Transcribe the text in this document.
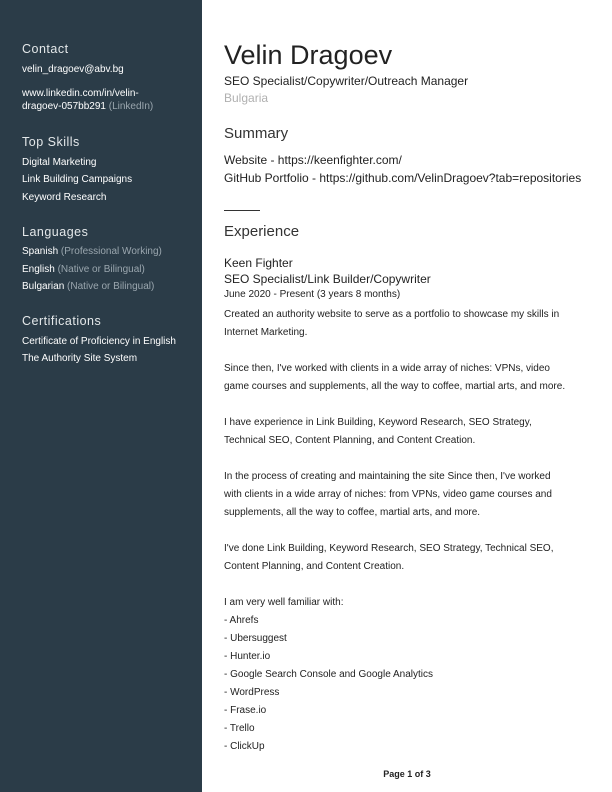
Contact
velin_dragoev@abv.bg
www.linkedin.com/in/velin-
dragoev-057bb291 (LinkedIn)
Top Skills
Digital Marketing
Link Building Campaigns
Keyword Research
Languages
Spanish (Professional Working)
English (Native or Bilingual)
Bulgarian (Native or Bilingual)
Certifications
Certificate of Proficiency in English
The Authority Site System
Velin Dragoev
SEO Specialist/Copywriter/Outreach Manager
Bulgaria
Summary
Website - https://keenfighter.com/
GitHub Portfolio - https://github.com/VelinDragoev?tab=repositories
Experience
Keen Fighter
SEO Specialist/Link Builder/Copywriter
June 2020 - Present (3 years 8 months)
Created an authority website to serve as a portfolio to showcase my skills in
Internet Marketing.
Since then, I've worked with clients in a wide array of niches: VPNs, video
game courses and supplements, all the way to coffee, martial arts, and more.
I have experience in Link Building, Keyword Research, SEO Strategy,
Technical SEO, Content Planning, and Content Creation.
In the process of creating and maintaining the site Since then, I've worked
with clients in a wide array of niches: from VPNs, video game courses and
supplements, all the way to coffee, martial arts, and more.
I've done Link Building, Keyword Research, SEO Strategy, Technical SEO,
Content Planning, and Content Creation.
I am very well familiar with:
- Ahrefs
- Ubersuggest
- Hunter.io
- Google Search Console and Google Analytics
- WordPress
- Frase.io
- Trello
- ClickUp
Page 1 of 3
